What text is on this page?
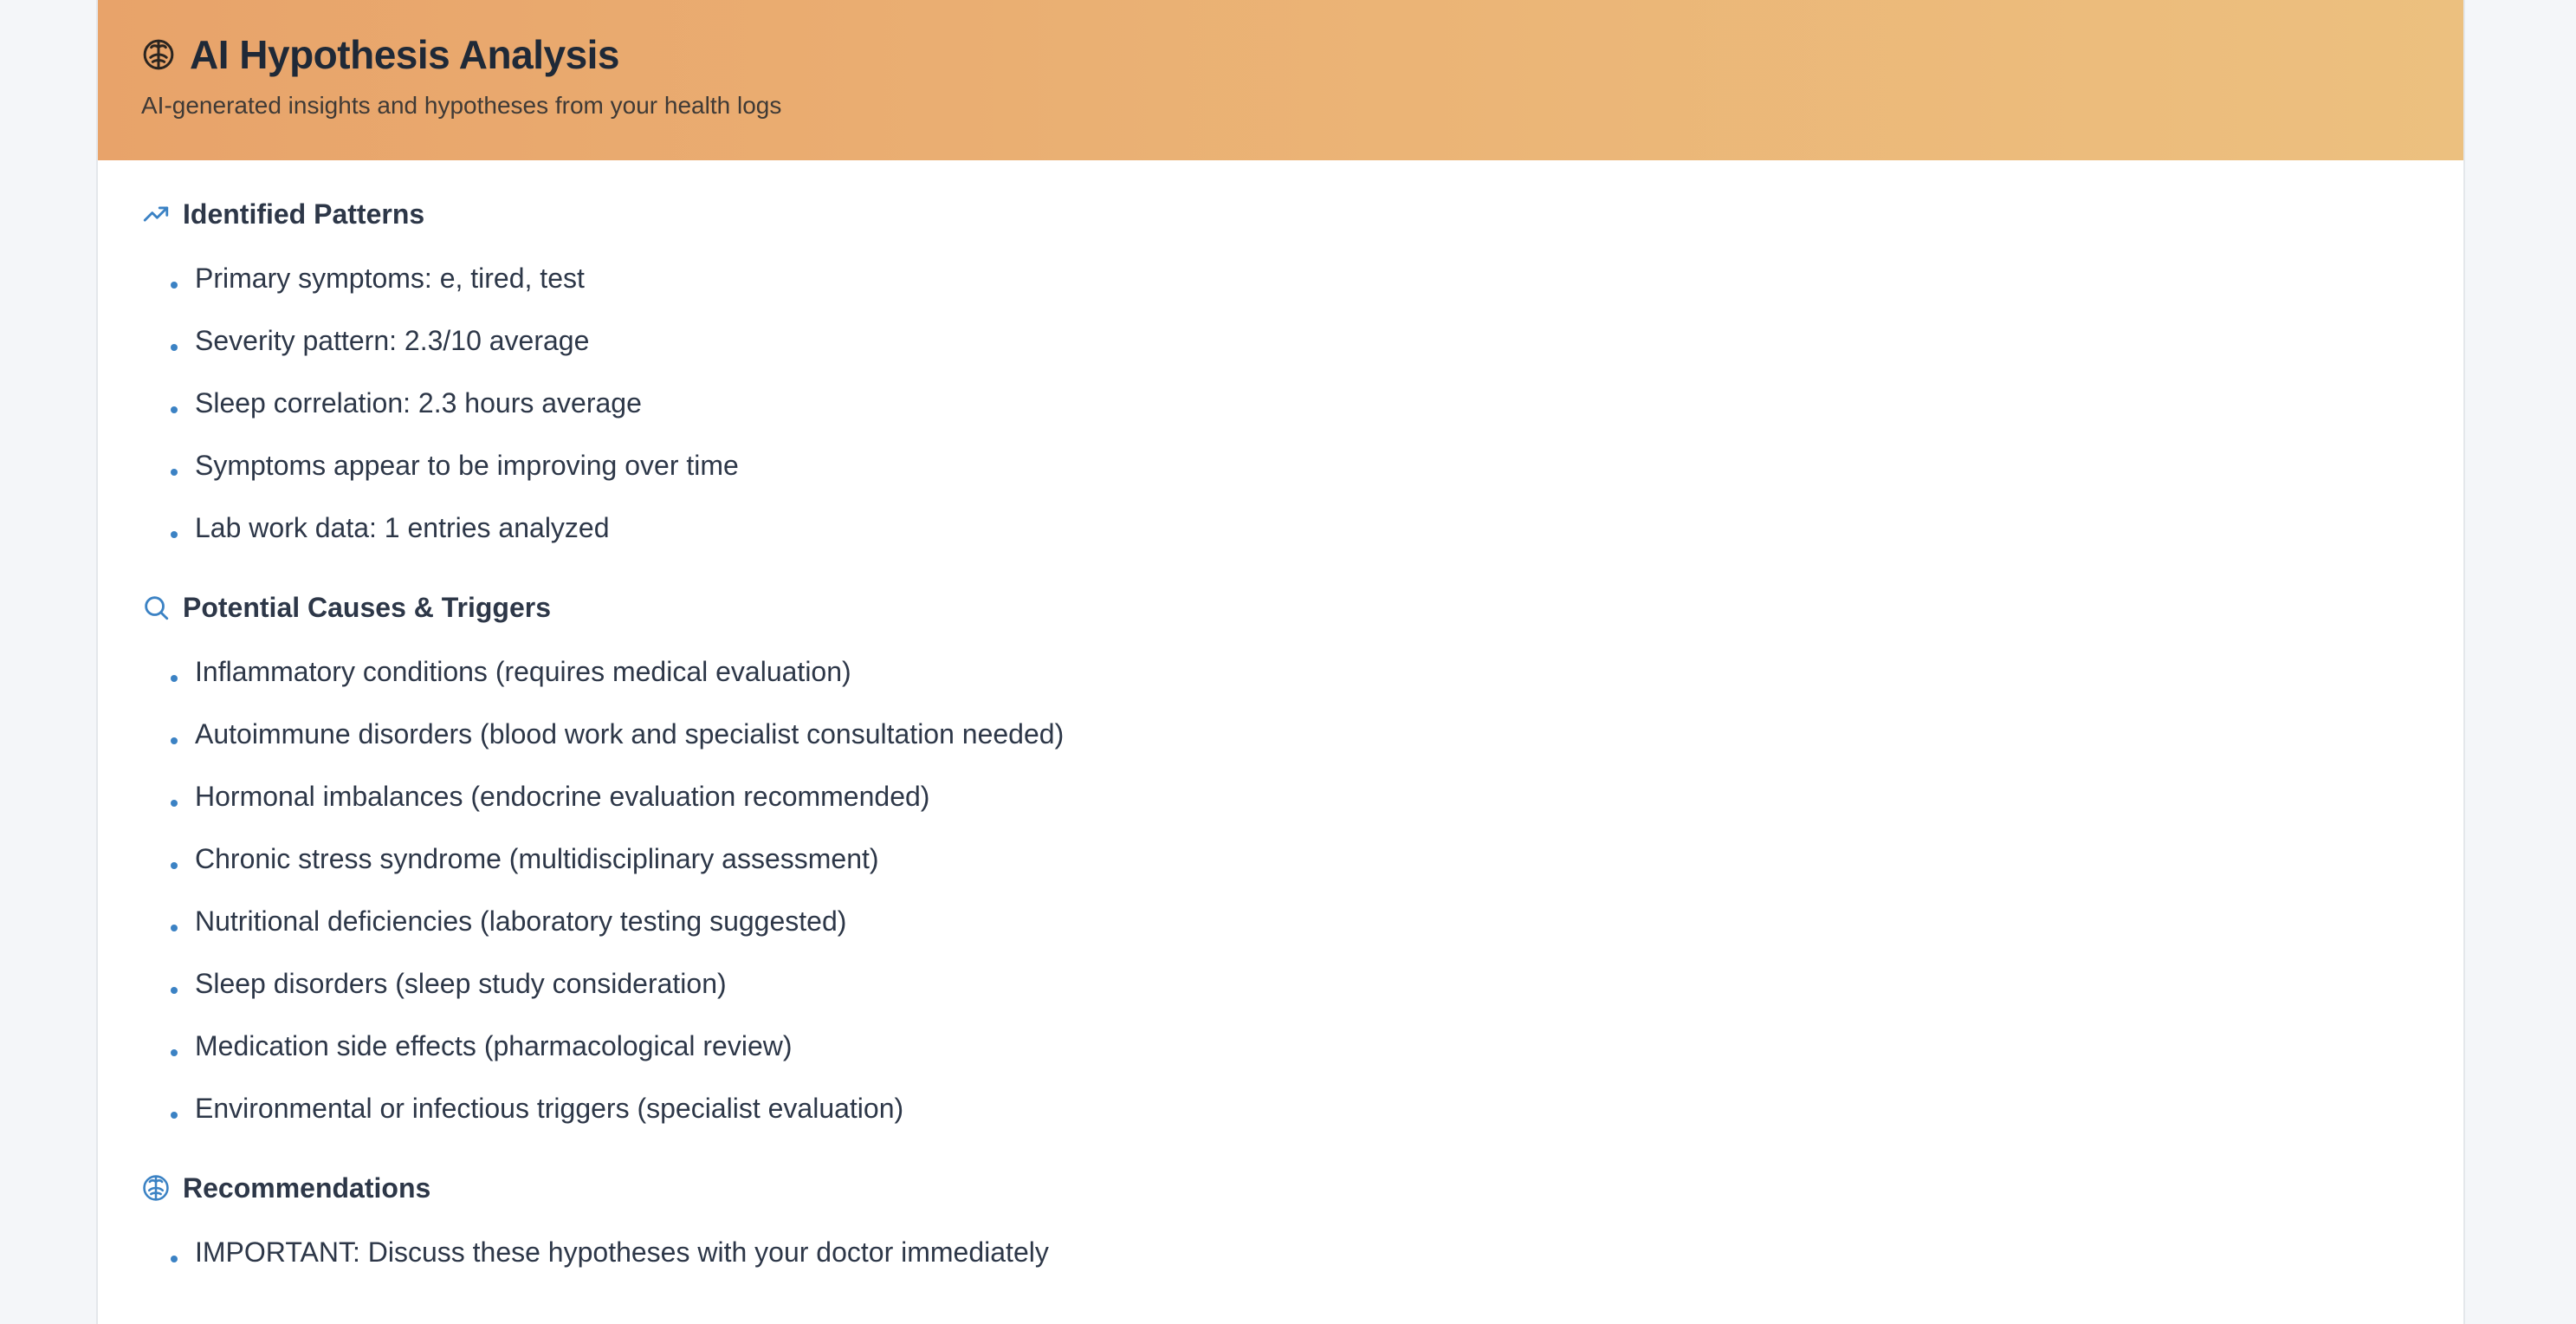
AI Hypothesis Analysis
AI-generated insights and hypotheses from your health logs
Identified Patterns
Primary symptoms: e, tired, test
Severity pattern: 2.3/10 average
Sleep correlation: 2.3 hours average
Symptoms appear to be improving over time
Lab work data: 1 entries analyzed
Potential Causes & Triggers
Inflammatory conditions (requires medical evaluation)
Autoimmune disorders (blood work and specialist consultation needed)
Hormonal imbalances (endocrine evaluation recommended)
Chronic stress syndrome (multidisciplinary assessment)
Nutritional deficiencies (laboratory testing suggested)
Sleep disorders (sleep study consideration)
Medication side effects (pharmacological review)
Environmental or infectious triggers (specialist evaluation)
Recommendations
IMPORTANT: Discuss these hypotheses with your doctor immediately
